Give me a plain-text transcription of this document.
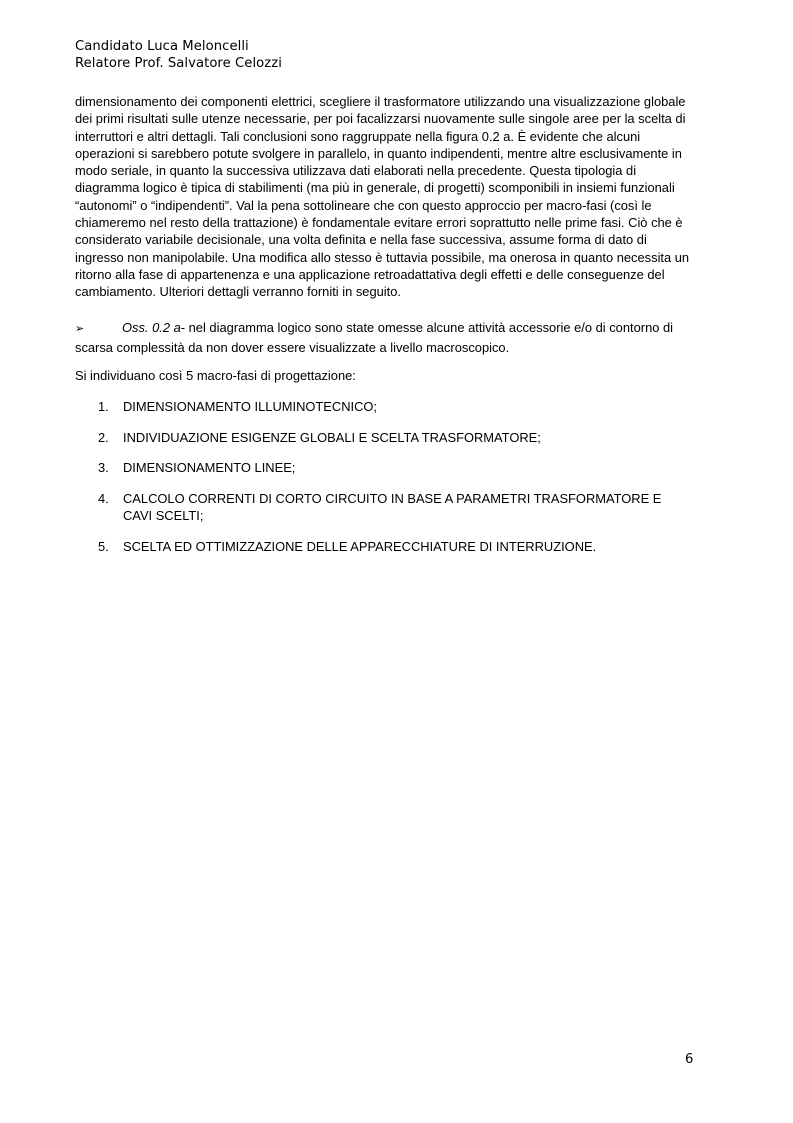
Candidato Luca Meloncelli
Relatore Prof. Salvatore Celozzi
dimensionamento dei componenti elettrici, scegliere il trasformatore utilizzando una visualizzazione globale
dei primi risultati sulle utenze necessarie, per poi facalizzarsi nuovamente sulle singole aree per la scelta di
interruttori e altri dettagli. Tali conclusioni sono raggruppate nella figura 0.2 a. È evidente che alcuni
operazioni si sarebbero potute svolgere in parallelo, in quanto indipendenti, mentre altre esclusivamente in
modo seriale, in quanto la successiva utilizzava dati elaborati nella precedente. Questa tipologia di
diagramma logico è tipica di stabilimenti (ma più in generale, di progetti) scomponibili in insiemi funzionali
“autonomi” o “indipendenti”. Val la pena sottolineare che con questo approccio per macro-fasi (così le
chiameremo nel resto della trattazione) è fondamentale evitare errori soprattutto nelle prime fasi. Ciò che è
considerato variabile decisionale, una volta definita e nella fase successiva, assume forma di dato di
ingresso non manipolabile. Una modifica allo stesso è tuttavia possibile, ma onerosa in quanto necessita un
ritorno alla fase di appartenenza e una applicazione retroadattativa degli effetti e delle conseguenze del
cambiamento. Ulteriori dettagli verranno forniti in seguito.
➢	Oss. 0.2 a- nel diagramma logico sono state omesse alcune attività accessorie e/o di contorno di
scarsa complessità da non dover essere visualizzate a livello macroscopico.
Si individuano così 5 macro-fasi di progettazione:
1.	DIMENSIONAMENTO ILLUMINOTECNICO;
2.	INDIVIDUAZIONE ESIGENZE GLOBALI E SCELTA TRASFORMATORE;
3.	DIMENSIONAMENTO LINEE;
4.	CALCOLO CORRENTI DI CORTO CIRCUITO IN BASE A PARAMETRI TRASFORMATORE E
CAVI SCELTI;
5.	SCELTA ED OTTIMIZZAZIONE DELLE APPARECCHIATURE DI INTERRUZIONE.
6
